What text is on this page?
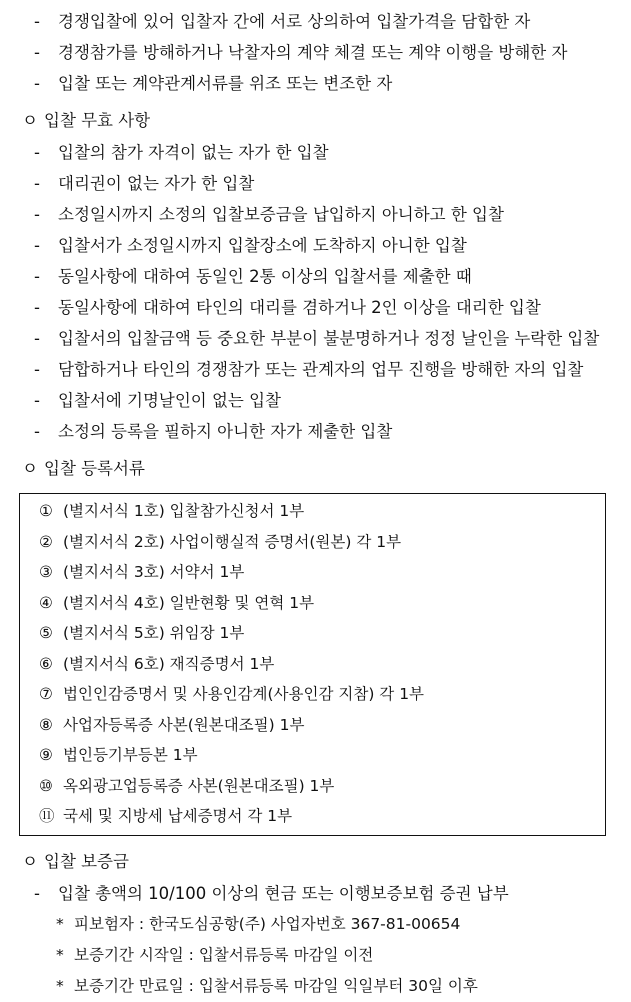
-	경쟁입찰에 있어 입찰자 간에 서로 상의하여 입찰가격을 담합한 자
-	경쟁참가를 방해하거나 낙찰자의 계약 체결 또는 계약 이행을 방해한 자
-	입찰 또는 계약관계서류를 위조 또는 변조한 자
ㅇ 입찰 무효 사항
-	입찰의 참가 자격이 없는 자가 한 입찰
-	대리권이 없는 자가 한 입찰
-	소정일시까지 소정의 입찰보증금을 납입하지 아니하고 한 입찰
-	입찰서가 소정일시까지 입찰장소에 도착하지 아니한 입찰
-	동일사항에 대하여 동일인 2통 이상의 입찰서를 제출한 때
-	동일사항에 대하여 타인의 대리를 겸하거나 2인 이상을 대리한 입찰
-	입찰서의 입찰금액 등 중요한 부분이 불분명하거나 정정 날인을 누락한 입찰
-	담합하거나 타인의 경쟁참가 또는 관계자의 업무 진행을 방해한 자의 입찰
-	입찰서에 기명날인이 없는 입찰
-	소정의 등록을 필하지 아니한 자가 제출한 입찰
ㅇ 입찰 등록서류
① (별지서식 1호) 입찰참가신청서 1부
② (별지서식 2호) 사업이행실적 증명서(원본) 각 1부
③ (별지서식 3호) 서약서 1부
④ (별지서식 4호) 일반현황 및 연혁 1부
⑤ (별지서식 5호) 위임장 1부
⑥ (별지서식 6호) 재직증명서 1부
⑦ 법인인감증명서 및 사용인감계(사용인감 지참) 각 1부
⑧ 사업자등록증 사본(원본대조필) 1부
⑨ 법인등기부등본 1부
⑩ 옥외광고업등록증 사본(원본대조필) 1부
⑪ 국세 및 지방세 납세증명서 각 1부
ㅇ 입찰 보증금
-	입찰 총액의 10/100 이상의 현금 또는 이행보증보험 증권 납부
* 피보험자 : 한국도심공항(주) 사업자번호 367-81-00654
* 보증기간 시작일 : 입찰서류등록 마감일 이전
* 보증기간 만료일 : 입찰서류등록 마감일 익일부터 30일 이후
